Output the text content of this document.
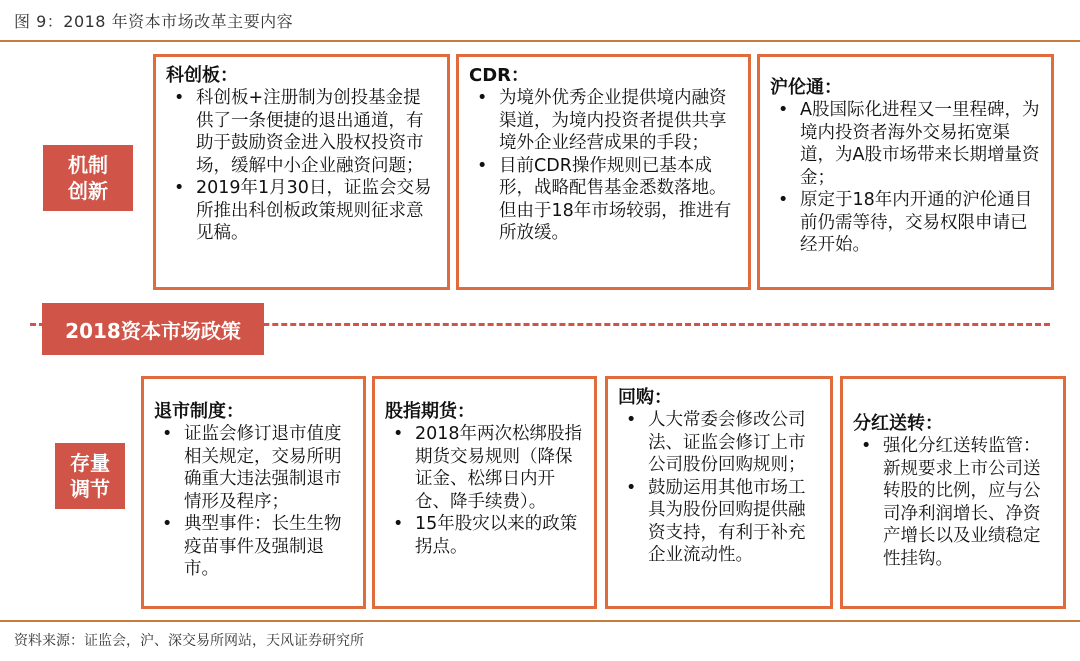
图 9：2018 年资本市场改革主要内容
机制
创新
科创板：
• 科创板+注册制为创投基金提供了一条便捷的退出通道，有助于鼓励资金进入股权投资市场，缓解中小企业融资问题；
• 2019年1月30日，证监会交易所推出科创板政策规则征求意见稿。
CDR：
• 为境外优秀企业提供境内融资渠道，为境内投资者提供共享境外企业经营成果的手段；
• 目前CDR操作规则已基本成形，战略配售基金悉数落地。但由于18年市场较弱，推进有所放缓。
沪伦通：
• A股国际化进程又一里程碑，为境内投资者海外交易拓宽渠道，为A股市场带来长期增量资金；
• 原定于18年内开通的沪伦通目前仍需等待，交易权限申请已经开始。
2018资本市场政策
存量
调节
退市制度：
• 证监会修订退市值度相关规定，交易所明确重大违法强制退市情形及程序；
• 典型事件：长生生物疫苗事件及强制退市。
股指期货：
• 2018年两次松绑股指期货交易规则（降保证金、松绑日内开仓、降手续费）。
• 15年股灾以来的政策拐点。
回购：
• 人大常委会修改公司法、证监会修订上市公司股份回购规则；
• 鼓励运用其他市场工具为股份回购提供融资支持，有利于补充企业流动性。
分红送转：
• 强化分红送转监管：新规要求上市公司送转股的比例，应与公司净利润增长、净资产增长以及业绩稳定性挂钩。
资料来源：证监会，沪、深交易所网站，天风证券研究所
